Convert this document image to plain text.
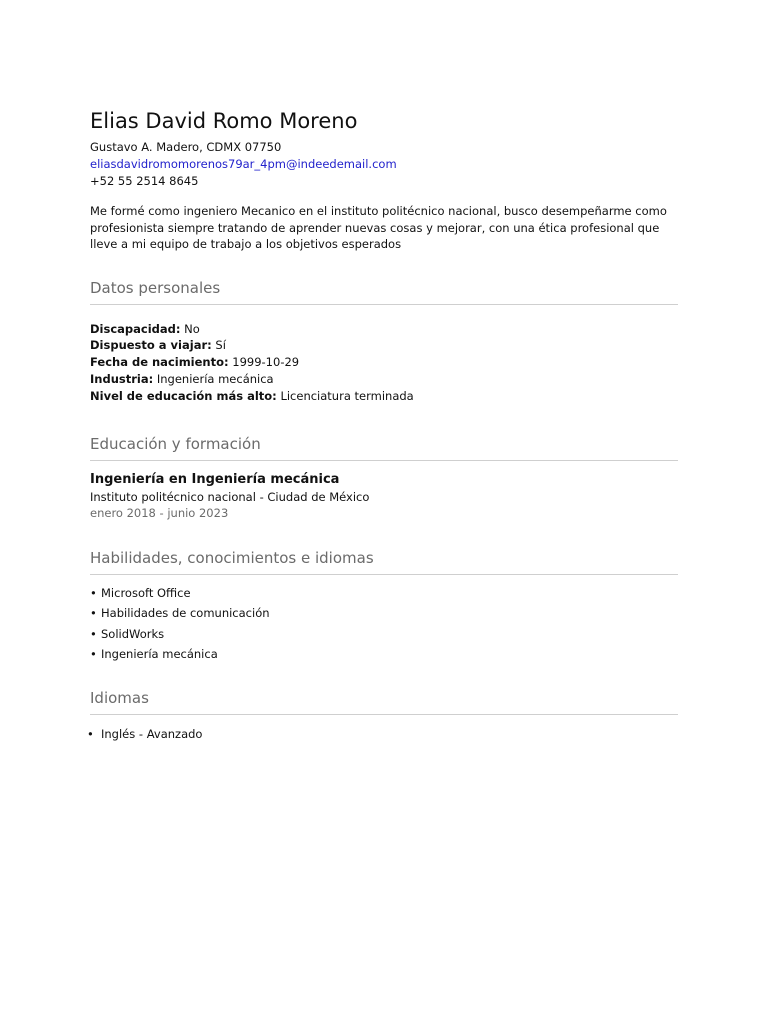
Elias David Romo Moreno
Gustavo A. Madero, CDMX 07750
eliasdavidromomorenos79ar_4pm@indeedemail.com
+52 55 2514 8645
Me formé como ingeniero Mecanico en el instituto politécnico nacional, busco desempeñarme como profesionista siempre tratando de aprender nuevas cosas y mejorar, con una ética profesional que lleve a mi equipo de trabajo a los objetivos esperados
Datos personales
Discapacidad: No
Dispuesto a viajar: Sí
Fecha de nacimiento: 1999-10-29
Industria: Ingeniería mecánica
Nivel de educación más alto: Licenciatura terminada
Educación y formación
Ingeniería en Ingeniería mecánica
Instituto politécnico nacional - Ciudad de México
enero 2018 - junio 2023
Habilidades, conocimientos e idiomas
• Microsoft Office
• Habilidades de comunicación
• SolidWorks
• Ingeniería mecánica
Idiomas
• Inglés - Avanzado
